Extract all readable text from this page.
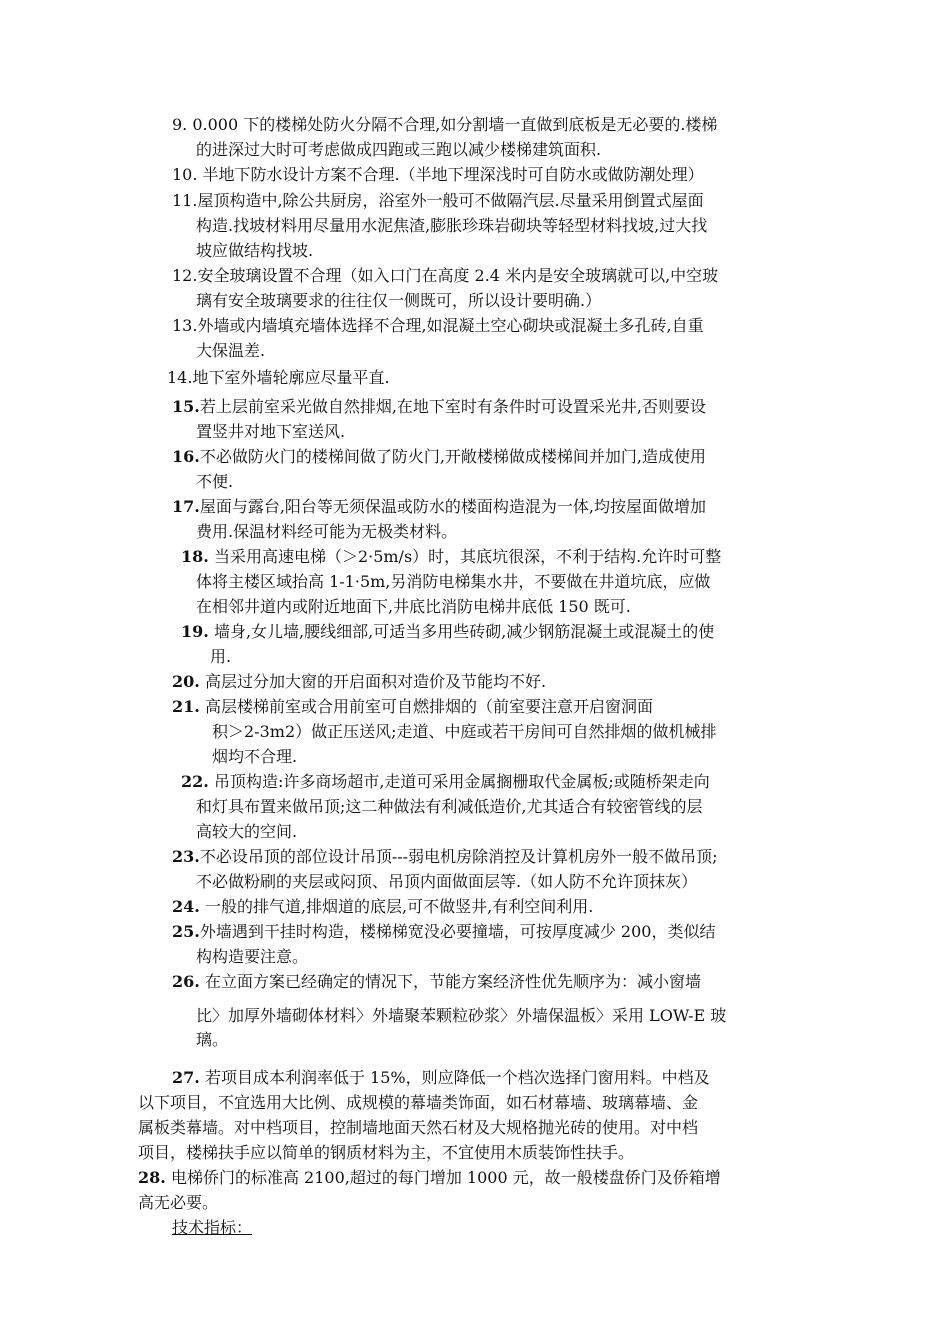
9. 0.000 下的楼梯处防火分隔不合理,如分割墙一直做到底板是无必要的.楼梯
的进深过大时可考虑做成四跑或三跑以减少楼梯建筑面积.
10. 半地下防水设计方案不合理.（半地下埋深浅时可自防水或做防潮处理）
11.屋顶构造中,除公共厨房，浴室外一般可不做隔汽层.尽量采用倒置式屋面
构造.找坡材料用尽量用水泥焦渣,膨胀珍珠岩砌块等轻型材料找坡,过大找
坡应做结构找坡.
12.安全玻璃设置不合理（如入口门在高度 2.4 米内是安全玻璃就可以,中空玻
璃有安全玻璃要求的往往仅一侧既可，所以设计要明确.）
13.外墙或内墙填充墙体选择不合理,如混凝土空心砌块或混凝土多孔砖,自重
大保温差.
14.地下室外墙轮廓应尽量平直.
15.若上层前室采光做自然排烟,在地下室时有条件时可设置采光井,否则要设
置竖井对地下室送风.
16.不必做防火门的楼梯间做了防火门,开敞楼梯做成楼梯间并加门,造成使用
不便.
17.屋面与露台,阳台等无须保温或防水的楼面构造混为一体,均按屋面做增加
费用.保温材料经可能为无极类材料。
18. 当采用高速电梯（＞2·5m/s）时，其底坑很深，不利于结构.允许时可整
体将主楼区域抬高 1-1·5m,另消防电梯集水井，不要做在井道坑底，应做
在相邻井道内或附近地面下,井底比消防电梯井底低 150 既可.
19. 墙身,女儿墙,腰线细部,可适当多用些砖砌,减少钢筋混凝土或混凝土的使
用.
20. 高层过分加大窗的开启面积对造价及节能均不好.
21. 高层楼梯前室或合用前室可自燃排烟的（前室要注意开启窗洞面
积＞2-3m2）做正压送风;走道、中庭或若干房间可自然排烟的做机械排
烟均不合理.
22. 吊顶构造:许多商场超市,走道可采用金属搁栅取代金属板;或随桥架走向
和灯具布置来做吊顶;这二种做法有利减低造价,尤其适合有较密管线的层
高较大的空间.
23.不必设吊顶的部位设计吊顶---弱电机房除消控及计算机房外一般不做吊顶;
不必做粉刷的夹层或闷顶、吊顶内面做面层等.（如人防不允许顶抹灰）
24. 一般的排气道,排烟道的底层,可不做竖井,有利空间利用.
25.外墙遇到干挂时构造，楼梯梯宽没必要撞墙，可按厚度减少 200，类似结
构构造要注意。
26. 在立面方案已经确定的情况下，节能方案经济性优先顺序为：减小窗墙
比〉加厚外墙砌体材料〉外墙聚苯颗粒砂浆〉外墙保温板〉采用 LOW-E 玻
璃。
27. 若项目成本利润率低于 15%，则应降低一个档次选择门窗用料。中档及
以下项目，不宜选用大比例、成规模的幕墙类饰面，如石材幕墙、玻璃幕墙、金
属板类幕墙。对中档项目，控制墙地面天然石材及大规格抛光砖的使用。对中档
项目，楼梯扶手应以简单的钢质材料为主，不宜使用木质装饰性扶手。
28. 电梯侨门的标准高 2100,超过的每门增加 1000 元，故一般楼盘侨门及侨箱增
高无必要。
技术指标：
